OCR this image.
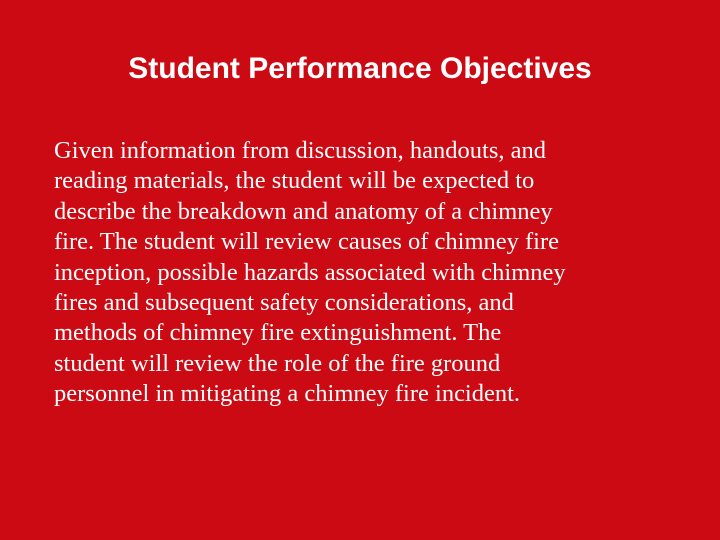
Student Performance Objectives

Given information from discussion, handouts, and
reading materials, the student will be expected to
describe the breakdown and anatomy of a chimney
fire. The student will review causes of chimney fire
inception, possible hazards associated with chimney
fires and subsequent safety considerations, and
methods of chimney fire extinguishment. The
student will review the role of the fire ground
personnel in mitigating a chimney fire incident.
